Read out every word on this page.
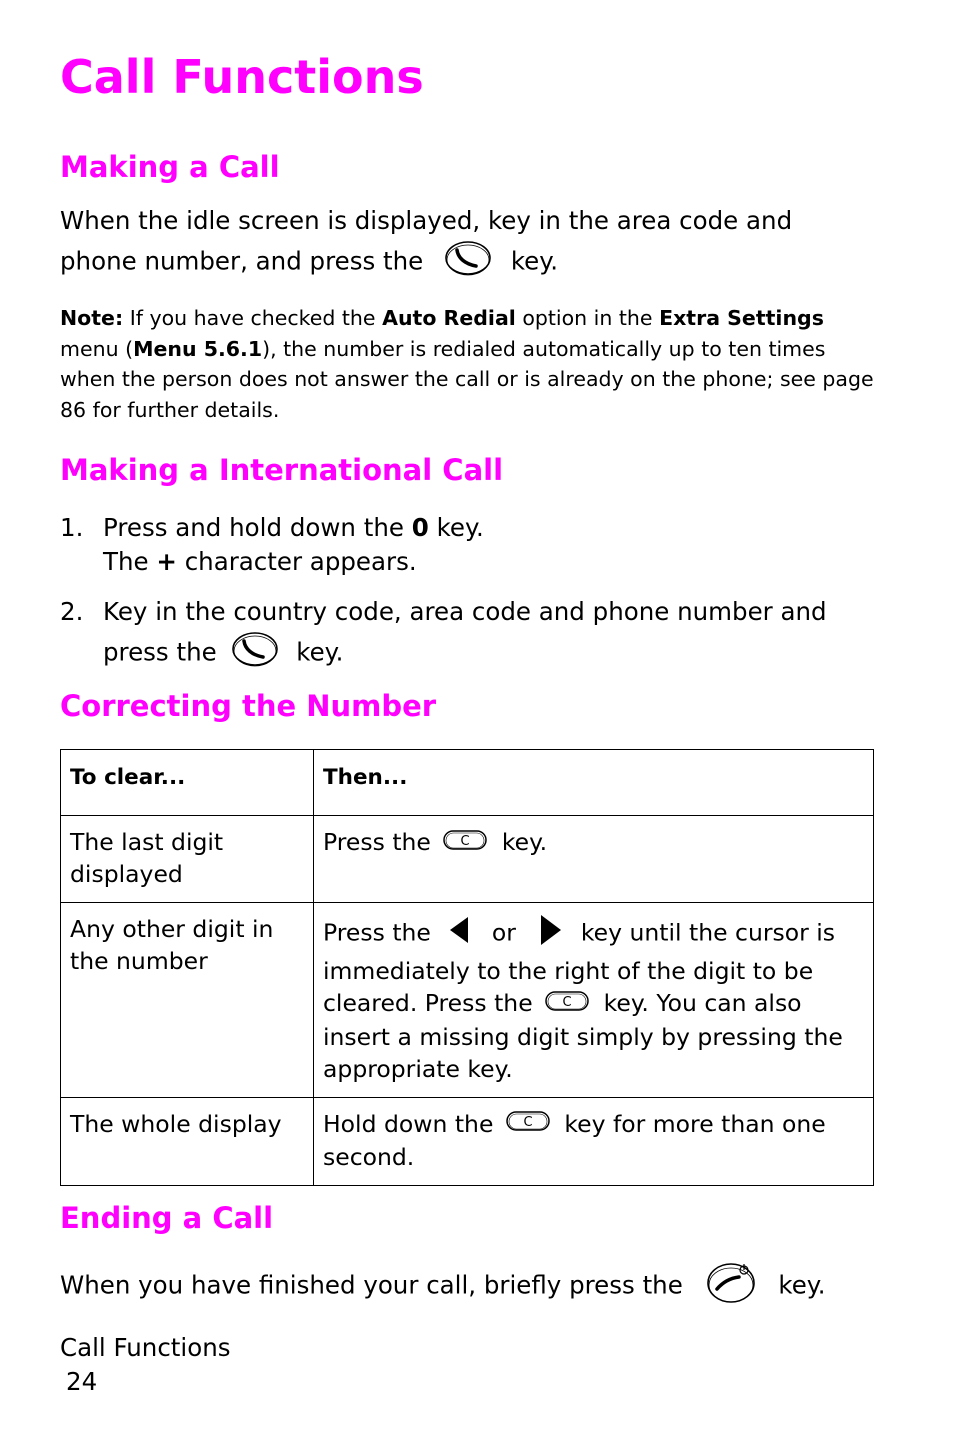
Call Functions
Making a Call
When the idle screen is displayed, key in the area code and
phone number, and press the	key.
Note: If you have checked the Auto Redial option in the Extra Settings menu (Menu 5.6.1), the number is redialed automatically up to ten times when the person does not answer the call or is already on the phone; see page 86 for further details.
Making a International Call
1. Press and hold down the 0 key.
The + character appears.
2. Key in the country code, area code and phone number and
press the	key.
Correcting the Number
To clear...	Then...
The last digit displayed	Press the C key.
Any other digit in the number	Press the or key until the cursor is immediately to the right of the digit to be cleared. Press the C key. You can also insert a missing digit simply by pressing the appropriate key.
The whole display	Hold down the C key for more than one second.
Ending a Call
When you have finished your call, briefly press the	key.
Call Functions
24
